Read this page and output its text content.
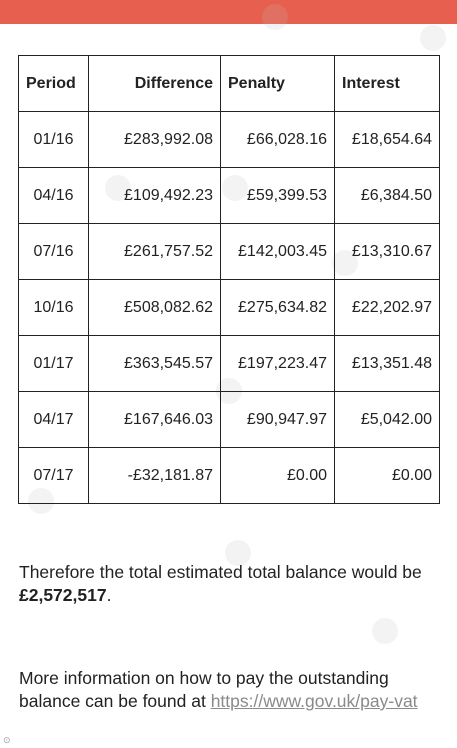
Period	Difference	Penalty	Interest
01/16	£283,992.08	£66,028.16	£18,654.64
04/16	£109,492.23	£59,399.53	£6,384.50
07/16	£261,757.52	£142,003.45	£13,310.67
10/16	£508,082.62	£275,634.82	£22,202.97
01/17	£363,545.57	£197,223.47	£13,351.48
04/17	£167,646.03	£90,947.97	£5,042.00
07/17	-£32,181.87	£0.00	£0.00
Therefore the total estimated total balance would be £2,572,517.
More information on how to pay the outstanding balance can be found at https://www.gov.uk/pay-vat
⊙
